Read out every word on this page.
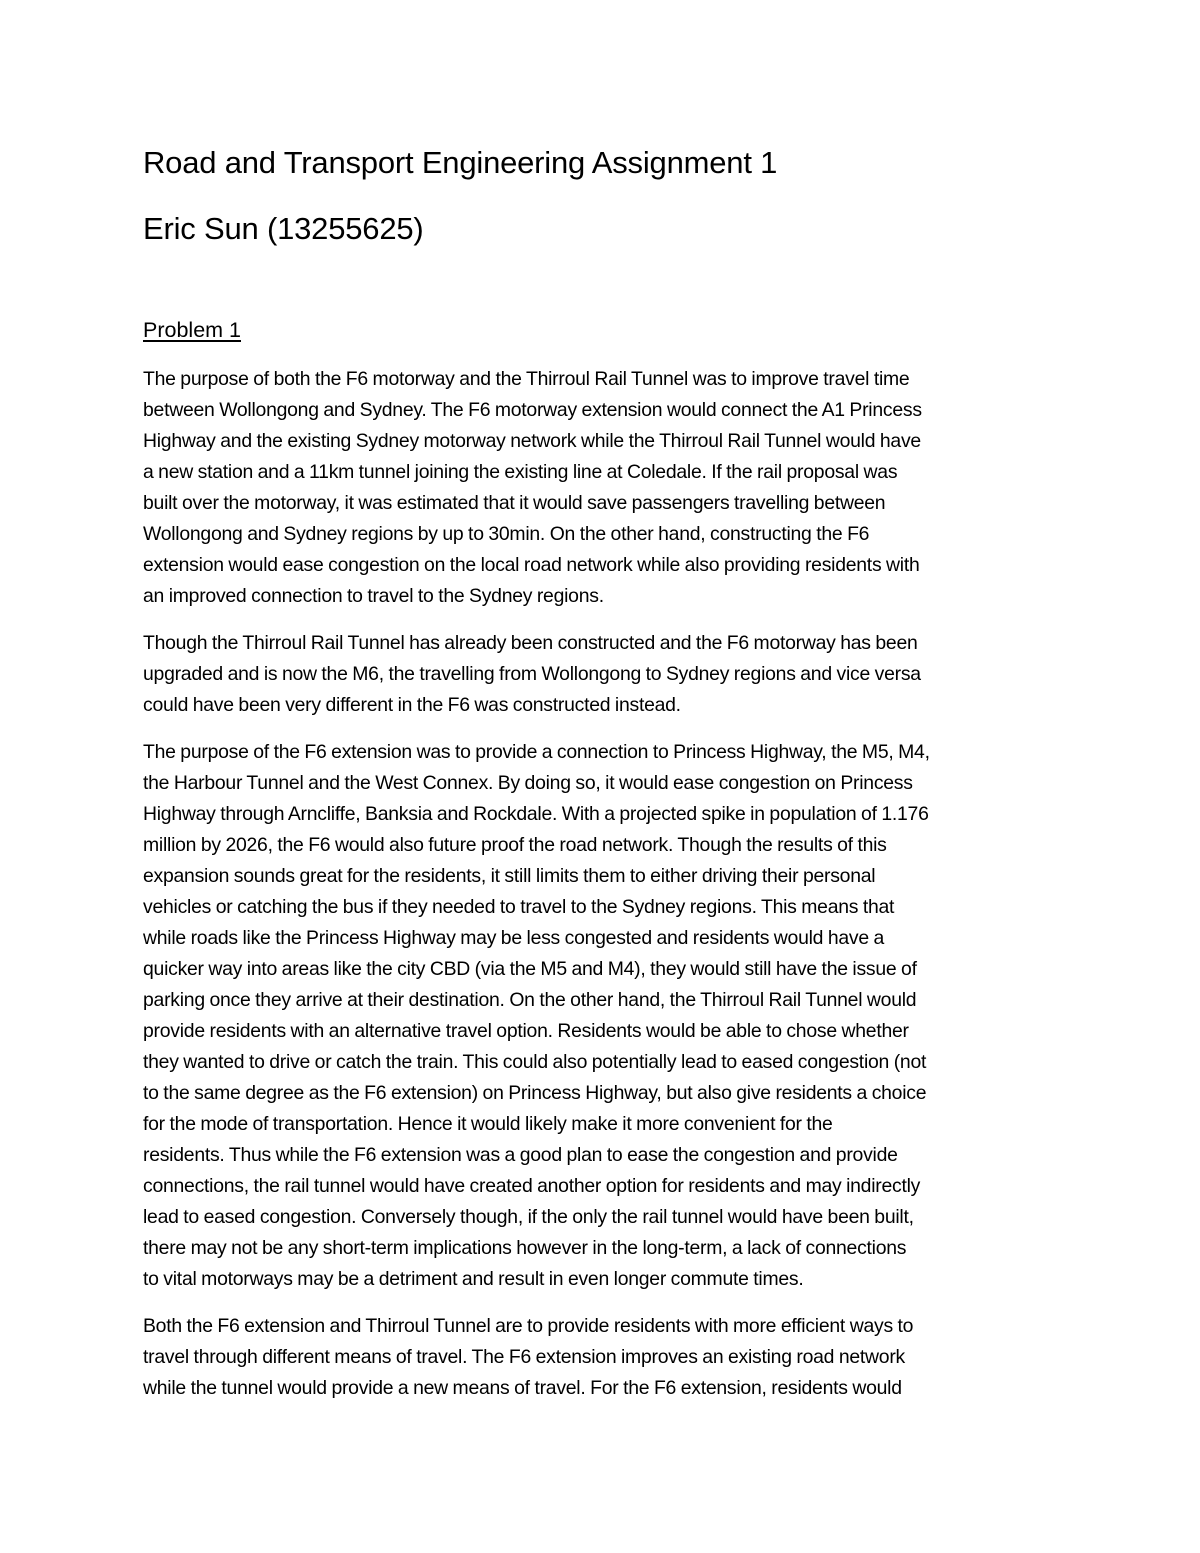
Road and Transport Engineering Assignment 1
Eric Sun (13255625)
Problem 1

The purpose of both the F6 motorway and the Thirroul Rail Tunnel was to improve travel time
between Wollongong and Sydney. The F6 motorway extension would connect the A1 Princess
Highway and the existing Sydney motorway network while the Thirroul Rail Tunnel would have
a new station and a 11km tunnel joining the existing line at Coledale. If the rail proposal was
built over the motorway, it was estimated that it would save passengers travelling between
Wollongong and Sydney regions by up to 30min. On the other hand, constructing the F6
extension would ease congestion on the local road network while also providing residents with
an improved connection to travel to the Sydney regions.

Though the Thirroul Rail Tunnel has already been constructed and the F6 motorway has been
upgraded and is now the M6, the travelling from Wollongong to Sydney regions and vice versa
could have been very different in the F6 was constructed instead.

The purpose of the F6 extension was to provide a connection to Princess Highway, the M5, M4,
the Harbour Tunnel and the West Connex. By doing so, it would ease congestion on Princess
Highway through Arncliffe, Banksia and Rockdale. With a projected spike in population of 1.176
million by 2026, the F6 would also future proof the road network. Though the results of this
expansion sounds great for the residents, it still limits them to either driving their personal
vehicles or catching the bus if they needed to travel to the Sydney regions. This means that
while roads like the Princess Highway may be less congested and residents would have a
quicker way into areas like the city CBD (via the M5 and M4), they would still have the issue of
parking once they arrive at their destination. On the other hand, the Thirroul Rail Tunnel would
provide residents with an alternative travel option. Residents would be able to chose whether
they wanted to drive or catch the train. This could also potentially lead to eased congestion (not
to the same degree as the F6 extension) on Princess Highway, but also give residents a choice
for the mode of transportation. Hence it would likely make it more convenient for the
residents. Thus while the F6 extension was a good plan to ease the congestion and provide
connections, the rail tunnel would have created another option for residents and may indirectly
lead to eased congestion. Conversely though, if the only the rail tunnel would have been built,
there may not be any short-term implications however in the long-term, a lack of connections
to vital motorways may be a detriment and result in even longer commute times.

Both the F6 extension and Thirroul Tunnel are to provide residents with more efficient ways to
travel through different means of travel. The F6 extension improves an existing road network
while the tunnel would provide a new means of travel. For the F6 extension, residents would
